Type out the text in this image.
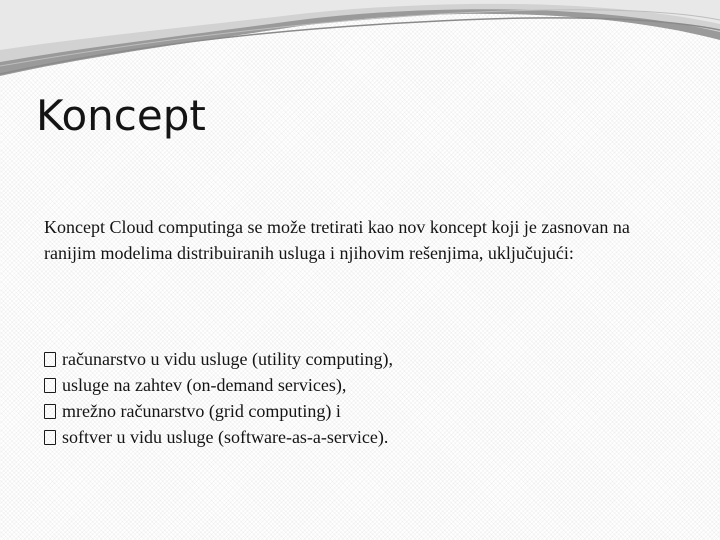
Koncept

Koncept Cloud computinga se može tretirati kao nov koncept koji je zasnovan na ranijim modelima distribuiranih usluga i njihovim rešenjima, uključujući:

računarstvo u vidu usluge (utility computing),
usluge na zahtev (on-demand services),
mrežno računarstvo (grid computing) i
softver u vidu usluge (software-as-a-service).
